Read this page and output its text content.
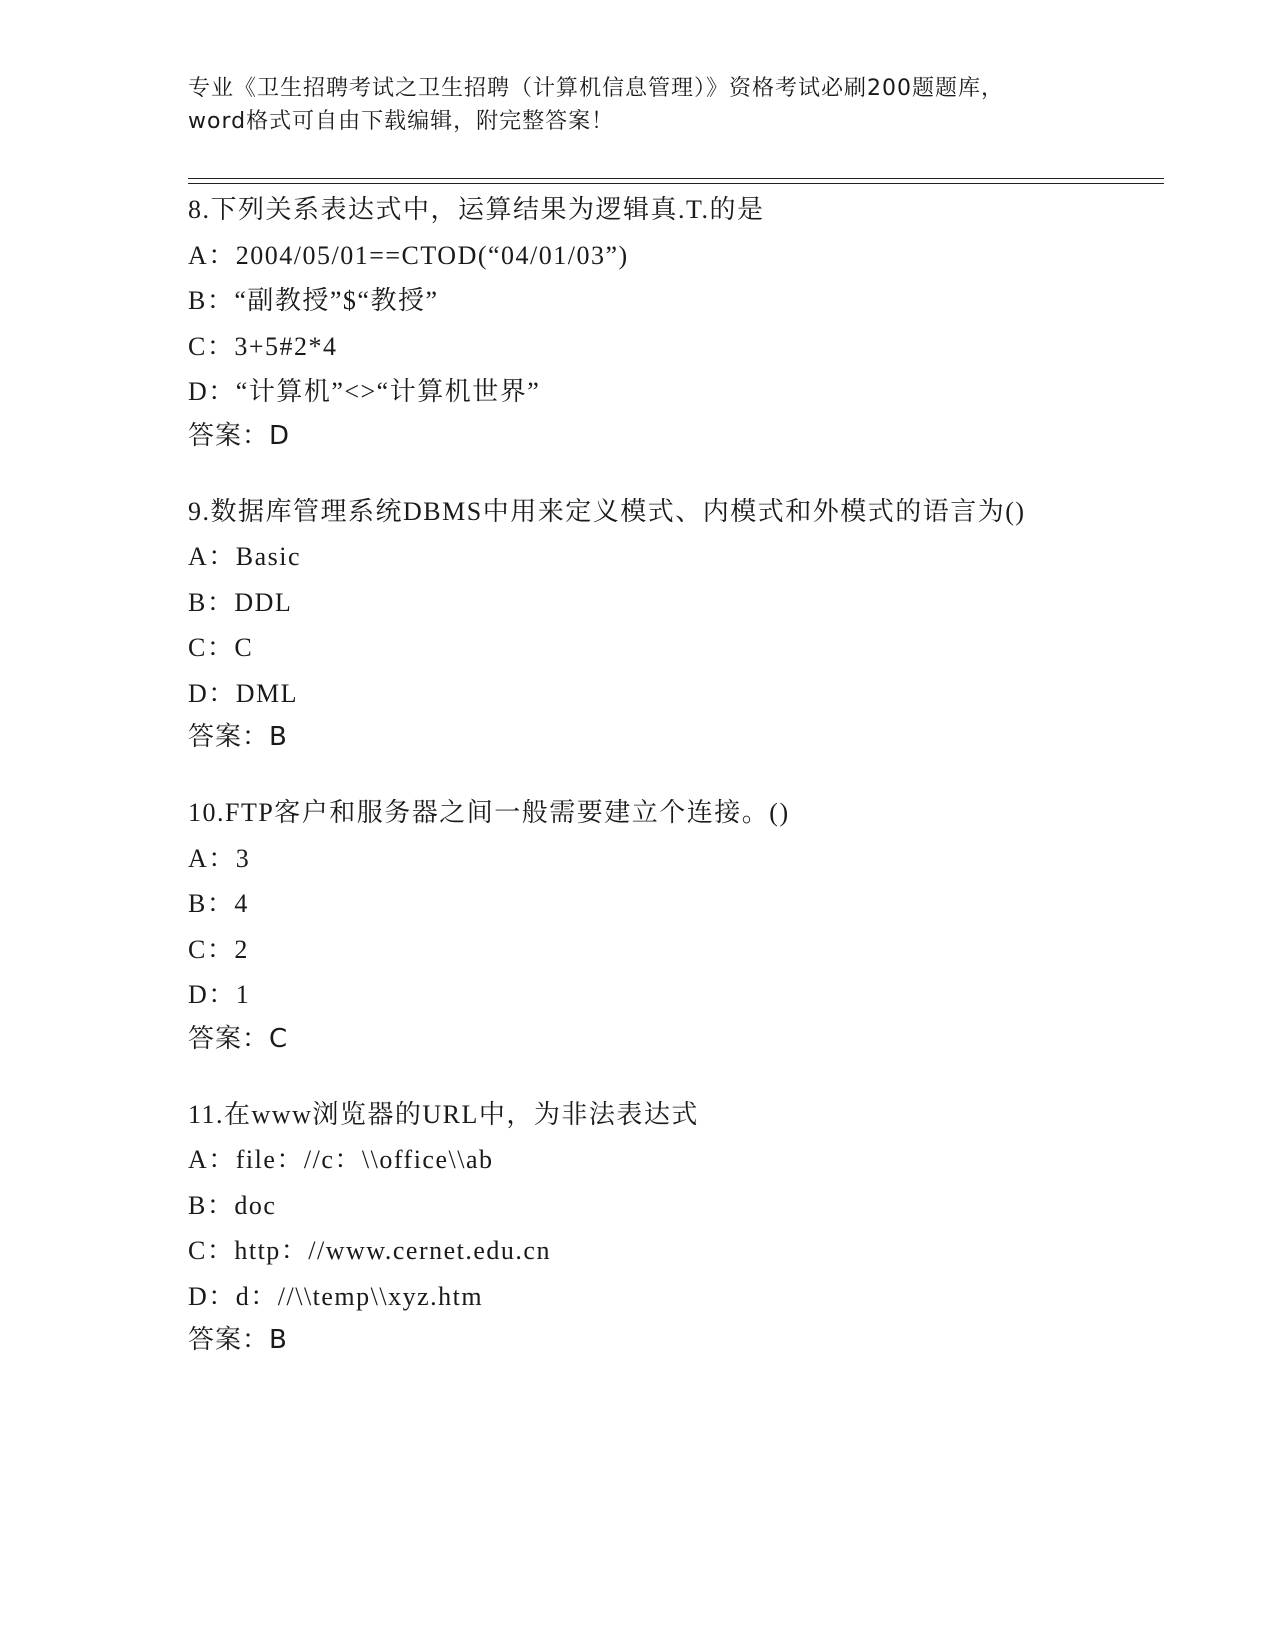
专业《卫生招聘考试之卫生招聘（计算机信息管理）》资格考试必刷200题题库，
word格式可自由下载编辑，附完整答案！
8.下列关系表达式中，运算结果为逻辑真.T.的是
A：2004/05/01==CTOD(“04/01/03”)
B：“副教授”$“教授”
C：3+5#2*4
D：“计算机”<>“计算机世界”
答案：D
9.数据库管理系统DBMS中用来定义模式、内模式和外模式的语言为()
A：Basic
B：DDL
C：C
D：DML
答案：B
10.FTP客户和服务器之间一般需要建立个连接。()
A：3
B：4
C：2
D：1
答案：C
11.在www浏览器的URL中，为非法表达式
A：file：//c：\\office\\ab
B：doc
C：http：//www.cernet.edu.cn
D：d：//\\temp\\xyz.htm
答案：B
